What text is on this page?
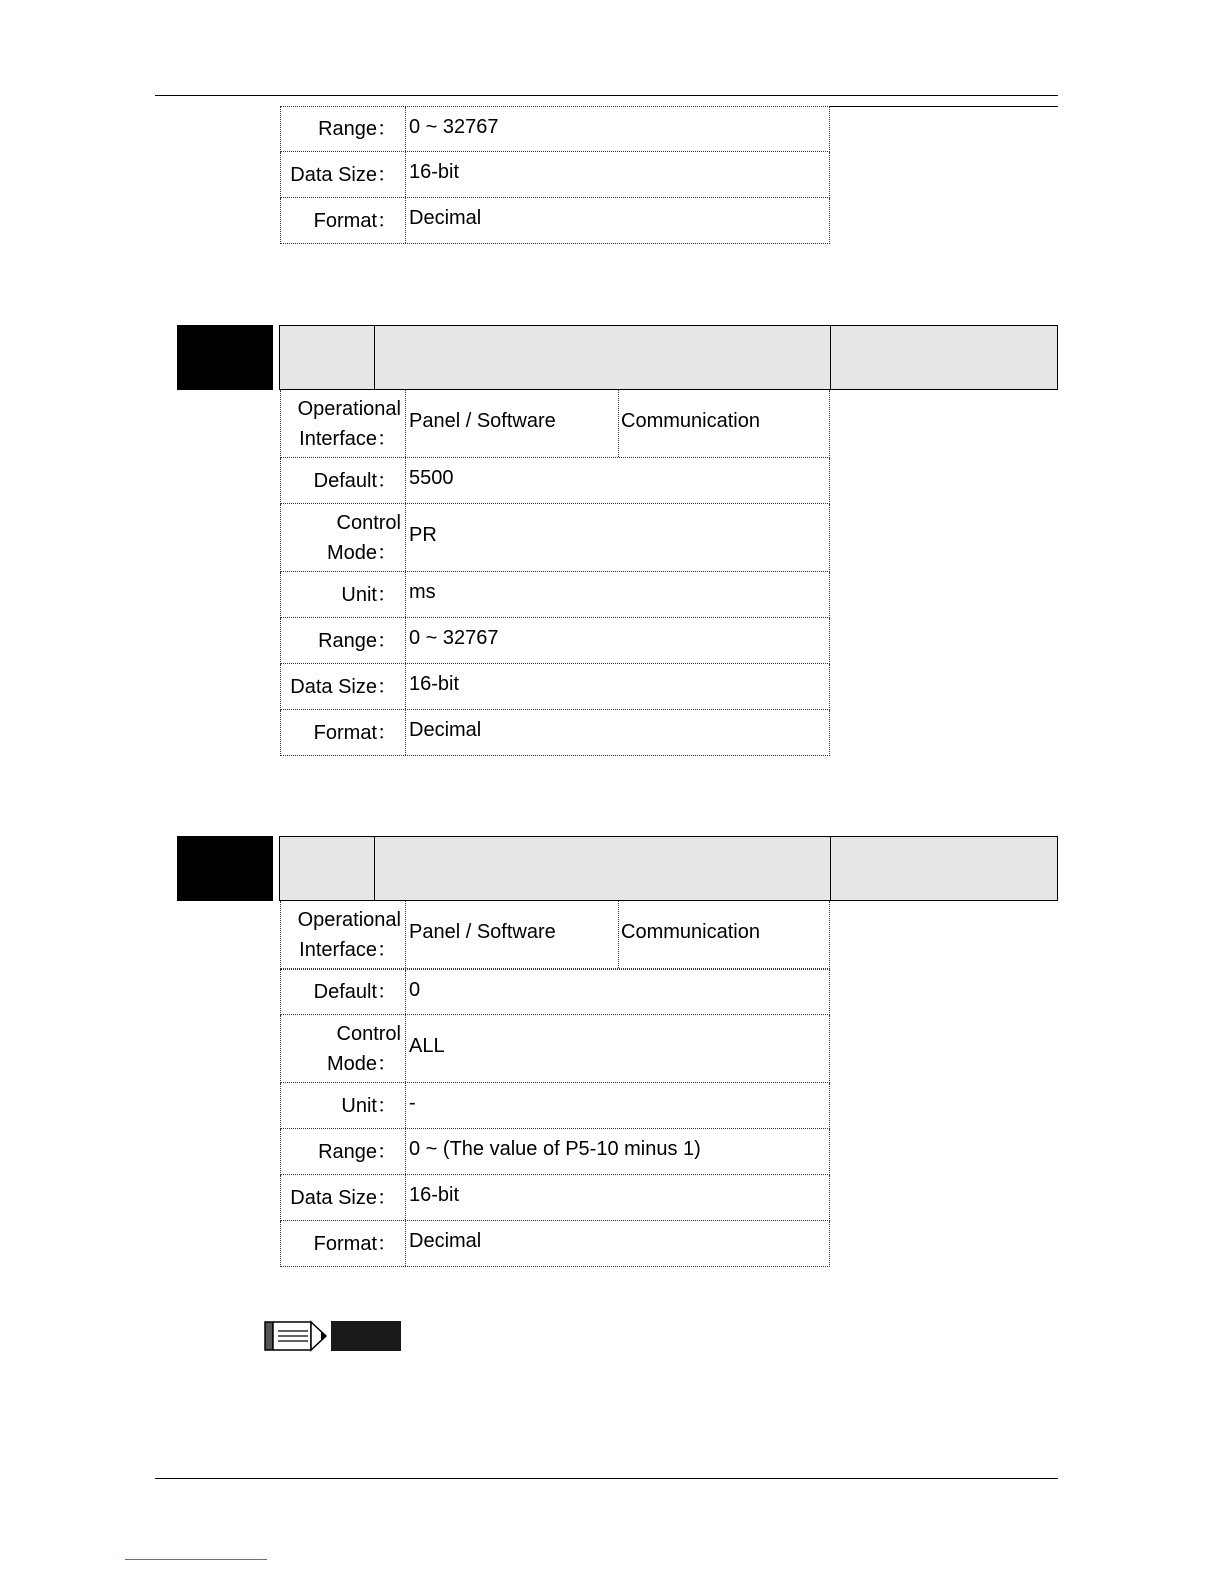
Range： 0 ~ 32767
Data Size： 16-bit
Format： Decimal
Operational
Interface：
Panel / Software	Communication
Default： 5500
Control
Mode：
PR
Unit： ms
Range： 0 ~ 32767
Data Size： 16-bit
Format： Decimal
Operational
Interface：
Panel / Software	Communication
Default： 0
Control
Mode：
ALL
Unit： -
Range： 0 ~ (The value of P5-10 minus 1)
Data Size： 16-bit
Format： Decimal
